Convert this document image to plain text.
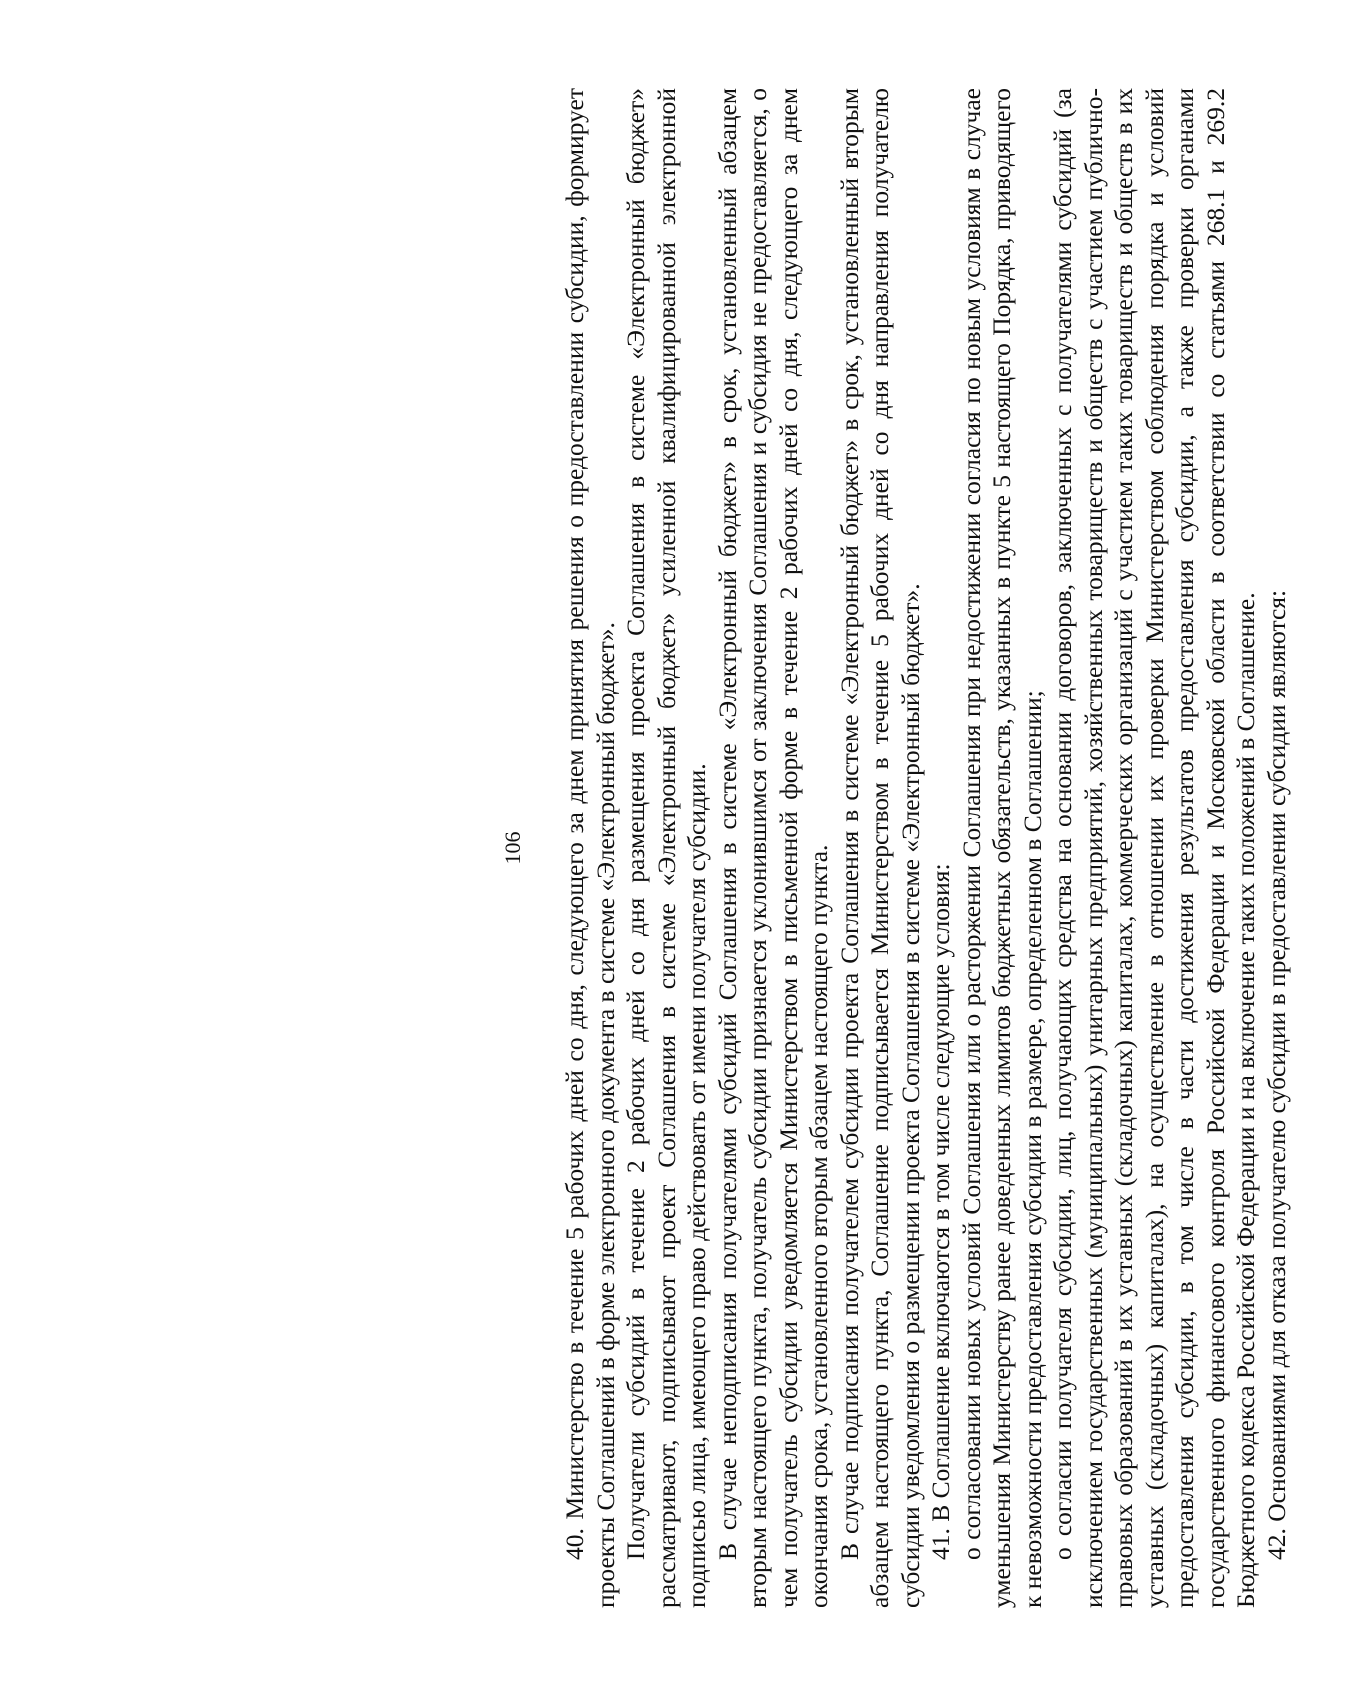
106 40. Министерство в течение 5 рабочих дней со дня, следующего за днем принятия решения о предоставлении субсидии, формирует проекты Соглашений в форме электронного документа в системе «Электронный бюджет». Получатели субсидий в течение 2 рабочих дней со дня размещения проекта Соглашения в системе «Электронный бюджет» рассматривают, подписывают проект Соглашения в системе «Электронный бюджет» усиленной квалифицированной электронной подписью лица, имеющего право действовать от имени получателя субсидии. В случае неподписания получателями субсидий Соглашения в системе «Электронный бюджет» в срок, установленный абзацем вторым настоящего пункта, получатель субсидии признается уклонившимся от заключения Соглашения и субсидия не предоставляется, о чем получатель субсидии уведомляется Министерством в письменной форме в течение 2 рабочих дней со дня, следующего за днем окончания срока, установленного вторым абзацем настоящего пункта. В случае подписания получателем субсидии проекта Соглашения в системе «Электронный бюджет» в срок, установленный вторым абзацем настоящего пункта, Соглашение подписывается Министерством в течение 5 рабочих дней со дня направления получателю субсидии уведомления о размещении проекта Соглашения в системе «Электронный бюджет». 41. В Соглашение включаются в том числе следующие условия: о согласовании новых условий Соглашения или о расторжении Соглашения при недостижении согласия по новым условиям в случае уменьшения Министерству ранее доведенных лимитов бюджетных обязательств, указанных в пункте 5 настоящего Порядка, приводящего к невозможности предоставления субсидии в размере, определенном в Соглашении; о согласии получателя субсидии, лиц, получающих средства на основании договоров, заключенных с получателями субсидий (за исключением государственных (муниципальных) унитарных предприятий, хозяйственных товариществ и обществ с участием публично-правовых образований в их уставных (складочных) капиталах, коммерческих организаций с участием таких товариществ и обществ в их уставных (складочных) капиталах), на осуществление в отношении их проверки Министерством соблюдения порядка и условий предоставления субсидии, в том числе в части достижения результатов предоставления субсидии, а также проверки органами государственного финансового контроля Российской Федерации и Московской области в соответствии со статьями 268.1 и 269.2 Бюджетного кодекса Российской Федерации и на включение таких положений в Соглашение. 42. Основаниями для отказа получателю субсидии в предоставлении субсидии являются:
